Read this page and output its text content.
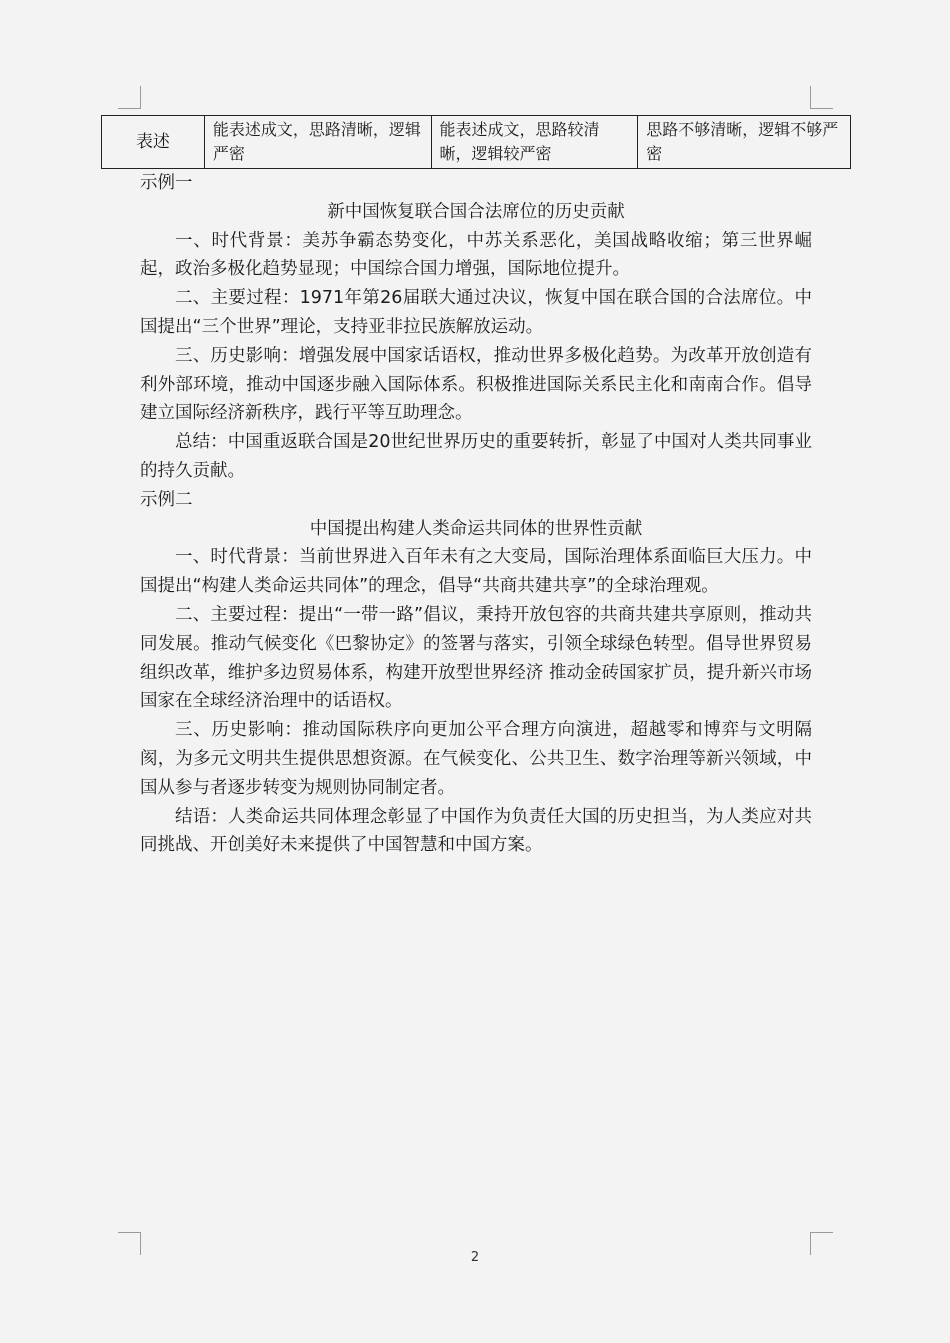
表述	能表述成文，思路清晰，逻辑严密	能表述成文，思路较清晰，逻辑较严密	思路不够清晰，逻辑不够严密

示例一

新中国恢复联合国合法席位的历史贡献

一、时代背景：美苏争霸态势变化，中苏关系恶化，美国战略收缩；第三世界崛起，政治多极化趋势显现；中国综合国力增强，国际地位提升。

二、主要过程：1971年第26届联大通过决议，恢复中国在联合国的合法席位。中国提出“三个世界”理论，支持亚非拉民族解放运动。

三、历史影响：增强发展中国家话语权，推动世界多极化趋势。为改革开放创造有利外部环境，推动中国逐步融入国际体系。积极推进国际关系民主化和南南合作。倡导建立国际经济新秩序，践行平等互助理念。

总结：中国重返联合国是20世纪世界历史的重要转折，彰显了中国对人类共同事业的持久贡献。

示例二

中国提出构建人类命运共同体的世界性贡献

一、时代背景：当前世界进入百年未有之大变局，国际治理体系面临巨大压力。中国提出“构建人类命运共同体”的理念，倡导“共商共建共享”的全球治理观。

二、主要过程：提出“一带一路”倡议，秉持开放包容的共商共建共享原则，推动共同发展。推动气候变化《巴黎协定》的签署与落实，引领全球绿色转型。倡导世界贸易组织改革，维护多边贸易体系，构建开放型世界经济 推动金砖国家扩员，提升新兴市场国家在全球经济治理中的话语权。

三、历史影响：推动国际秩序向更加公平合理方向演进，超越零和博弈与文明隔阂，为多元文明共生提供思想资源。在气候变化、公共卫生、数字治理等新兴领域，中国从参与者逐步转变为规则协同制定者。

结语：人类命运共同体理念彰显了中国作为负责任大国的历史担当，为人类应对共同挑战、开创美好未来提供了中国智慧和中国方案。

2
